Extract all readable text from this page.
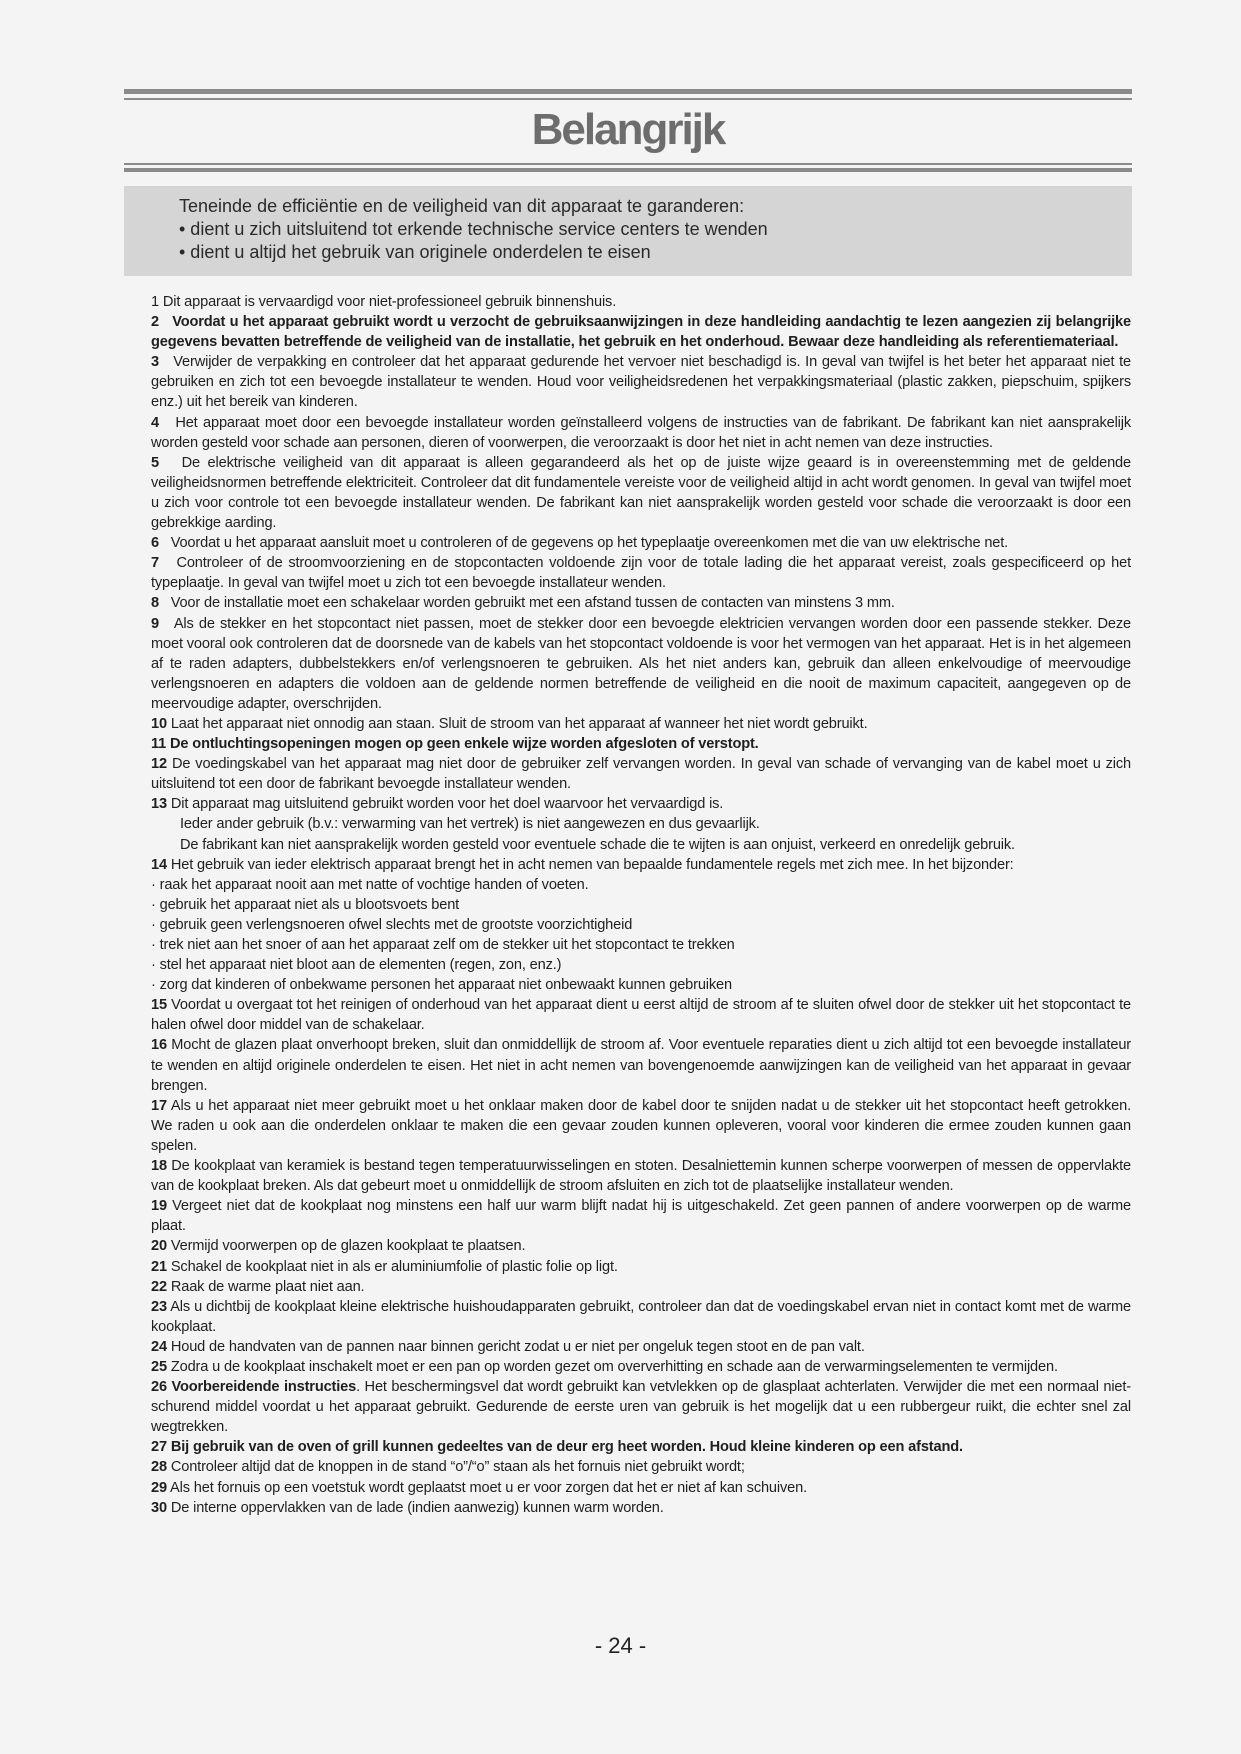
Belangrijk
Teneinde de efficiëntie en de veiligheid van dit apparaat te garanderen:
• dient u zich uitsluitend tot erkende technische service centers te wenden
• dient u altijd het gebruik van originele onderdelen te eisen

1 Dit apparaat is vervaardigd voor niet-professioneel gebruik binnenshuis.

2 Voordat u het apparaat gebruikt wordt u verzocht de gebruiksaanwijzingen in deze handleiding aandachtig te lezen aangezien zij belangrijke gegevens bevatten betreffende de veiligheid van de installatie, het gebruik en het onderhoud. Bewaar deze handleiding als referentiemateriaal.

3 Verwijder de verpakking en controleer dat het apparaat gedurende het vervoer niet beschadigd is. In geval van twijfel is het beter het apparaat niet te gebruiken en zich tot een bevoegde installateur te wenden. Houd voor veiligheidsredenen het verpakkingsmateriaal (plastic zakken, piepschuim, spijkers enz.) uit het bereik van kinderen.

4 Het apparaat moet door een bevoegde installateur worden geïnstalleerd volgens de instructies van de fabrikant. De fabrikant kan niet aansprakelijk worden gesteld voor schade aan personen, dieren of voorwerpen, die veroorzaakt is door het niet in acht nemen van deze instructies.

5 De elektrische veiligheid van dit apparaat is alleen gegarandeerd als het op de juiste wijze geaard is in overeenstemming met de geldende veiligheidsnormen betreffende elektriciteit. Controleer dat dit fundamentele vereiste voor de veiligheid altijd in acht wordt genomen. In geval van twijfel moet u zich voor controle tot een bevoegde installateur wenden. De fabrikant kan niet aansprakelijk worden gesteld voor schade die veroorzaakt is door een gebrekkige aarding.

6 Voordat u het apparaat aansluit moet u controleren of de gegevens op het typeplaatje overeenkomen met die van uw elektrische net.

7 Controleer of de stroomvoorziening en de stopcontacten voldoende zijn voor de totale lading die het apparaat vereist, zoals gespecificeerd op het typeplaatje. In geval van twijfel moet u zich tot een bevoegde installateur wenden.

8 Voor de installatie moet een schakelaar worden gebruikt met een afstand tussen de contacten van minstens 3 mm.

9 Als de stekker en het stopcontact niet passen, moet de stekker door een bevoegde elektricien vervangen worden door een passende stekker. Deze moet vooral ook controleren dat de doorsnede van de kabels van het stopcontact voldoende is voor het vermogen van het apparaat. Het is in het algemeen af te raden adapters, dubbelstekkers en/of verlengsnoeren te gebruiken. Als het niet anders kan, gebruik dan alleen enkelvoudige of meervoudige verlengsnoeren en adapters die voldoen aan de geldende normen betreffende de veiligheid en die nooit de maximum capaciteit, aangegeven op de meervoudige adapter, overschrijden.

10 Laat het apparaat niet onnodig aan staan. Sluit de stroom van het apparaat af wanneer het niet wordt gebruikt.

11 De ontluchtingsopeningen mogen op geen enkele wijze worden afgesloten of verstopt.

12 De voedingskabel van het apparaat mag niet door de gebruiker zelf vervangen worden. In geval van schade of vervanging van de kabel moet u zich uitsluitend tot een door de fabrikant bevoegde installateur wenden.

13 Dit apparaat mag uitsluitend gebruikt worden voor het doel waarvoor het vervaardigd is.

Ieder ander gebruik (b.v.: verwarming van het vertrek) is niet aangewezen en dus gevaarlijk.

De fabrikant kan niet aansprakelijk worden gesteld voor eventuele schade die te wijten is aan onjuist, verkeerd en onredelijk gebruik.

14 Het gebruik van ieder elektrisch apparaat brengt het in acht nemen van bepaalde fundamentele regels met zich mee. In het bijzonder:

· raak het apparaat nooit aan met natte of vochtige handen of voeten.

· gebruik het apparaat niet als u blootsvoets bent

· gebruik geen verlengsnoeren ofwel slechts met de grootste voorzichtigheid

· trek niet aan het snoer of aan het apparaat zelf om de stekker uit het stopcontact te trekken

· stel het apparaat niet bloot aan de elementen (regen, zon, enz.)

· zorg dat kinderen of onbekwame personen het apparaat niet onbewaakt kunnen gebruiken

15 Voordat u overgaat tot het reinigen of onderhoud van het apparaat dient u eerst altijd de stroom af te sluiten ofwel door de stekker uit het stopcontact te halen ofwel door middel van de schakelaar.

16 Mocht de glazen plaat onverhoopt breken, sluit dan onmiddellijk de stroom af. Voor eventuele reparaties dient u zich altijd tot een bevoegde installateur te wenden en altijd originele onderdelen te eisen. Het niet in acht nemen van bovengenoemde aanwijzingen kan de veiligheid van het apparaat in gevaar brengen.

17 Als u het apparaat niet meer gebruikt moet u het onklaar maken door de kabel door te snijden nadat u de stekker uit het stopcontact heeft getrokken. We raden u ook aan die onderdelen onklaar te maken die een gevaar zouden kunnen opleveren, vooral voor kinderen die ermee zouden kunnen gaan spelen.

18 De kookplaat van keramiek is bestand tegen temperatuurwisselingen en stoten. Desalniettemin kunnen scherpe voorwerpen of messen de oppervlakte van de kookplaat breken. Als dat gebeurt moet u onmiddellijk de stroom afsluiten en zich tot de plaatselijke installateur wenden.

19 Vergeet niet dat de kookplaat nog minstens een half uur warm blijft nadat hij is uitgeschakeld. Zet geen pannen of andere voorwerpen op de warme plaat.

20 Vermijd voorwerpen op de glazen kookplaat te plaatsen.

21 Schakel de kookplaat niet in als er aluminiumfolie of plastic folie op ligt.

22 Raak de warme plaat niet aan.

23 Als u dichtbij de kookplaat kleine elektrische huishoudapparaten gebruikt, controleer dan dat de voedingskabel ervan niet in contact komt met de warme kookplaat.

24 Houd de handvaten van de pannen naar binnen gericht zodat u er niet per ongeluk tegen stoot en de pan valt.

25 Zodra u de kookplaat inschakelt moet er een pan op worden gezet om oververhitting en schade aan de verwarmingselementen te vermijden.

26 Voorbereidende instructies. Het beschermingsvel dat wordt gebruikt kan vetvlekken op de glasplaat achterlaten. Verwijder die met een normaal niet-schurend middel voordat u het apparaat gebruikt. Gedurende de eerste uren van gebruik is het mogelijk dat u een rubbergeur ruikt, die echter snel zal wegtrekken.

27 Bij gebruik van de oven of grill kunnen gedeeltes van de deur erg heet worden. Houd kleine kinderen op een afstand.

28 Controleer altijd dat de knoppen in de stand “o”/“o” staan als het fornuis niet gebruikt wordt;

29 Als het fornuis op een voetstuk wordt geplaatst moet u er voor zorgen dat het er niet af kan schuiven.

30 De interne oppervlakken van de lade (indien aanwezig) kunnen warm worden.

- 24 -
